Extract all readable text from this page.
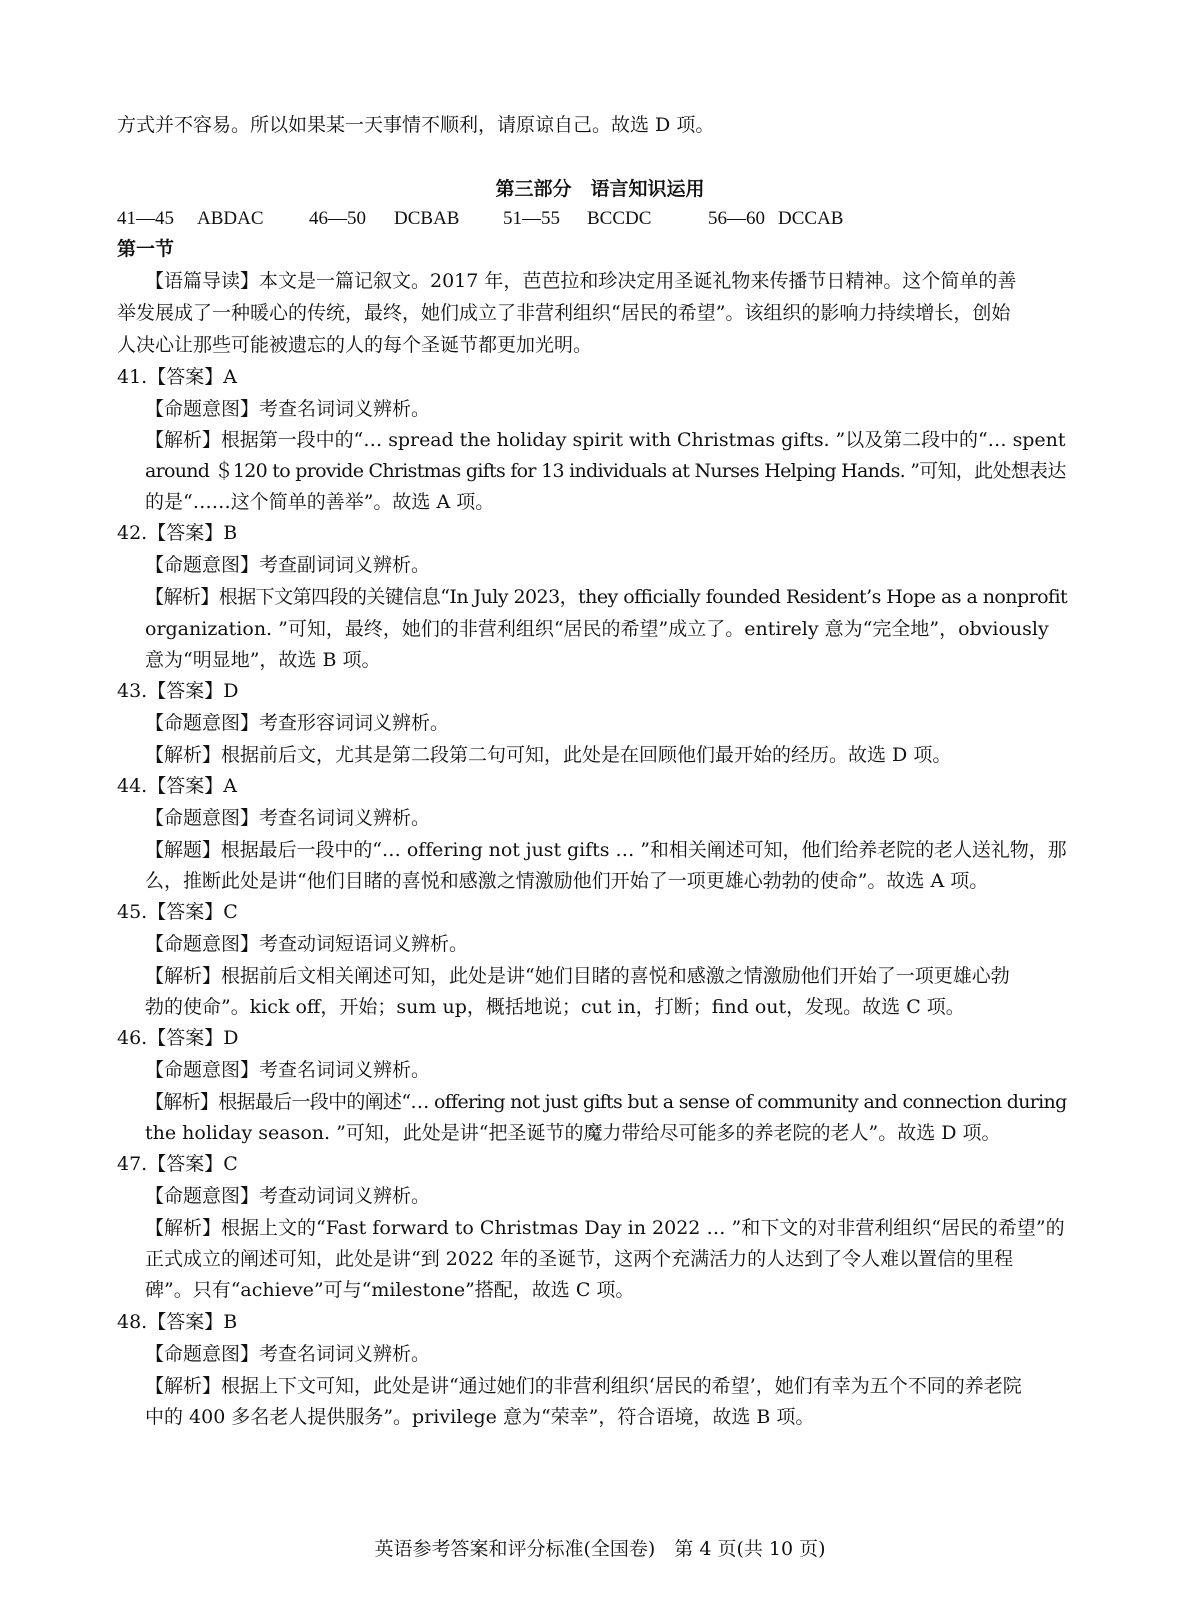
方式并不容易。所以如果某一天事情不顺利，请原谅自己。故选 D 项。
第三部分　语言知识运用
41—45 ABDAC 46—50 DCBAB 51—55 BCCDC	56—60 DCCAB
第一节
【语篇导读】本文是一篇记叙文。2017 年，芭芭拉和珍决定用圣诞礼物来传播节日精神。这个简单的善
举发展成了一种暖心的传统，最终，她们成立了非营利组织“居民的希望”。该组织的影响力持续增长，创始
人决心让那些可能被遗忘的人的每个圣诞节都更加光明。
41.【答案】A
【命题意图】考查名词词义辨析。
【解析】根据第一段中的“… spread the holiday spirit with Christmas gifts. ”以及第二段中的“… spent
around ＄120 to provide Christmas gifts for 13 individuals at Nurses Helping Hands. ”可知，此处想表达
的是“……这个简单的善举”。故选 A 项。
42.【答案】B
【命题意图】考查副词词义辨析。
【解析】根据下文第四段的关键信息“In July 2023，they officially founded Resident’s Hope as a nonprofit
organization. ”可知，最终，她们的非营利组织“居民的希望”成立了。entirely 意为“完全地”，obviously
意为“明显地”，故选 B 项。
43.【答案】D
【命题意图】考查形容词词义辨析。
【解析】根据前后文，尤其是第二段第二句可知，此处是在回顾他们最开始的经历。故选 D 项。
44.【答案】A
【命题意图】考查名词词义辨析。
【解题】根据最后一段中的“… offering not just gifts … ”和相关阐述可知，他们给养老院的老人送礼物，那
么，推断此处是讲“他们目睹的喜悦和感激之情激励他们开始了一项更雄心勃勃的使命”。故选 A 项。
45.【答案】C
【命题意图】考查动词短语词义辨析。
【解析】根据前后文相关阐述可知，此处是讲“她们目睹的喜悦和感激之情激励他们开始了一项更雄心勃
勃的使命”。kick off，开始；sum up，概括地说；cut in，打断；find out，发现。故选 C 项。
46.【答案】D
【命题意图】考查名词词义辨析。
【解析】根据最后一段中的阐述“… offering not just gifts but a sense of community and connection during
the holiday season. ”可知，此处是讲“把圣诞节的魔力带给尽可能多的养老院的老人”。故选 D 项。
47.【答案】C
【命题意图】考查动词词义辨析。
【解析】根据上文的“Fast forward to Christmas Day in 2022 … ”和下文的对非营利组织“居民的希望”的
正式成立的阐述可知，此处是讲“到 2022 年的圣诞节，这两个充满活力的人达到了令人难以置信的里程
碑”。只有“achieve”可与“milestone”搭配，故选 C 项。
48.【答案】B
【命题意图】考查名词词义辨析。
【解析】根据上下文可知，此处是讲“通过她们的非营利组织‘居民的希望’，她们有幸为五个不同的养老院
中的 400 多名老人提供服务”。privilege 意为“荣幸”，符合语境，故选 B 项。
英语参考答案和评分标准(全国卷)　第 4 页(共 10 页)
